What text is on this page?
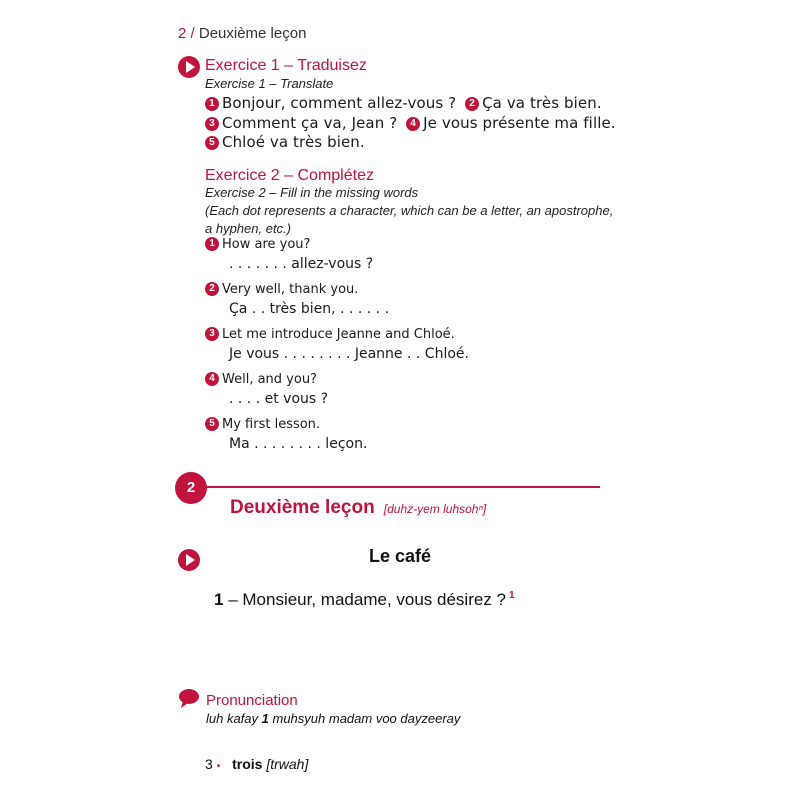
2 / Deuxième leçon
Exercice 1 – Traduisez
Exercise 1 – Translate
1 Bonjour, comment allez-vous ? 2 Ça va très bien.
3 Comment ça va, Jean ? 4 Je vous présente ma fille.
5 Chloé va très bien.
Exercice 2 – Complétez
Exercise 2 – Fill in the missing words
(Each dot represents a character, which can be a letter, an apostrophe,
a hyphen, etc.)
1 How are you?
. . . . . . . allez-vous ?
2 Very well, thank you.
Ça . . très bien, . . . . . .
3 Let me introduce Jeanne and Chloé.
Je vous . . . . . . . . Jeanne . . Chloé.
4 Well, and you?
. . . . et vous ?
5 My first lesson.
Ma . . . . . . . . leçon.
2
Deuxième leçon [duhz-yem luhsohⁿ]
Le café
1 – Monsieur, madame, vous désirez ? $^1$
Pronunciation
luh kafay 1 muhsyuh madam voo dayzeeray
3 • trois [trwah]
